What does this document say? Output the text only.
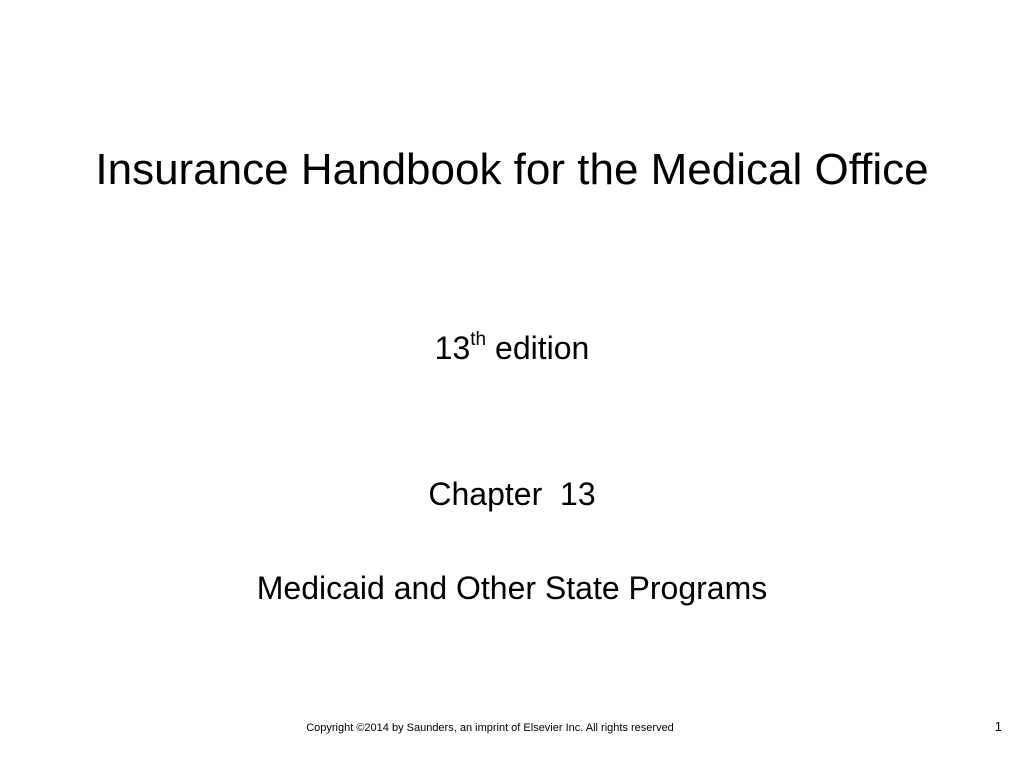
Insurance Handbook for the Medical Office
13th edition
Chapter  13
Medicaid and Other State Programs
Copyright ©2014 by Saunders, an imprint of Elsevier Inc. All rights reserved	1
